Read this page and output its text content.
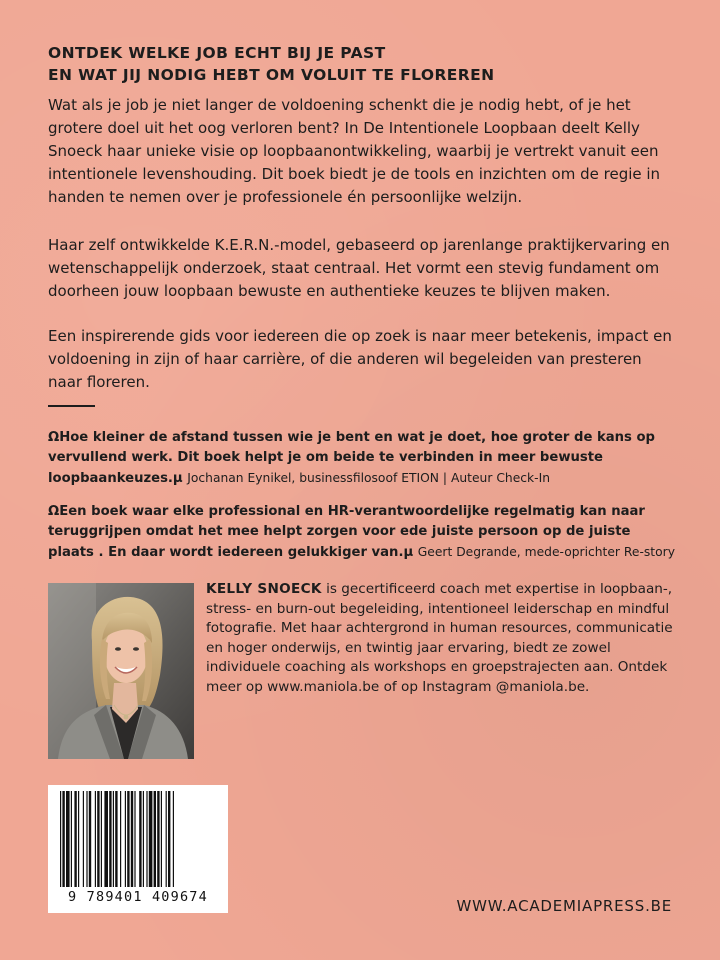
ONTDEK WELKE JOB ECHT BIJ JE PAST
EN WAT JIJ NODIG HEBT OM VOLUIT TE FLOREREN

Wat als je job je niet langer de voldoening schenkt die je nodig hebt, of je het grotere doel uit het oog verloren bent? In De Intentionele Loopbaan deelt Kelly Snoeck haar unieke visie op loopbaanontwikkeling, waarbij je vertrekt vanuit een intentionele levenshouding. Dit boek biedt je de tools en inzichten om de regie in handen te nemen over je professionele én persoonlijke welzijn.

Haar zelf ontwikkelde K.E.R.N.-model, gebaseerd op jarenlange praktijkervaring en wetenschappelijk onderzoek, staat centraal. Het vormt een stevig fundament om doorheen jouw loopbaan bewuste en authentieke keuzes te blijven maken.

Een inspirerende gids voor iedereen die op zoek is naar meer betekenis, impact en voldoening in zijn of haar carrière, of die anderen wil begeleiden van presteren naar floreren.

ΩHoe kleiner de afstand tussen wie je bent en wat je doet, hoe groter de kans op vervullend werk. Dit boek helpt je om beide te verbinden in meer bewuste loopbaankeuzes.µ Jochanan Eynikel, businessfilosoof ETION | Auteur Check-In

ΩEen boek waar elke professional en HR-verantwoordelijke regelmatig kan naar teruggrijpen omdat het mee helpt zorgen voor ede juiste persoon op de juiste plaats . En daar wordt iedereen gelukkiger van.µ Geert Degrande, mede-oprichter Re-story

KELLY SNOECK is gecertificeerd coach met expertise in loopbaan-, stress- en burn-out begeleiding, intentioneel leiderschap en mindful fotografie. Met haar achtergrond in human resources, communicatie en hoger onderwijs, en twintig jaar ervaring, biedt ze zowel individuele coaching als workshops en groepstrajecten aan. Ontdek meer op www.maniola.be of op Instagram @maniola.be.

9 789401 409674	WWW.ACADEMIAPRESS.BE
